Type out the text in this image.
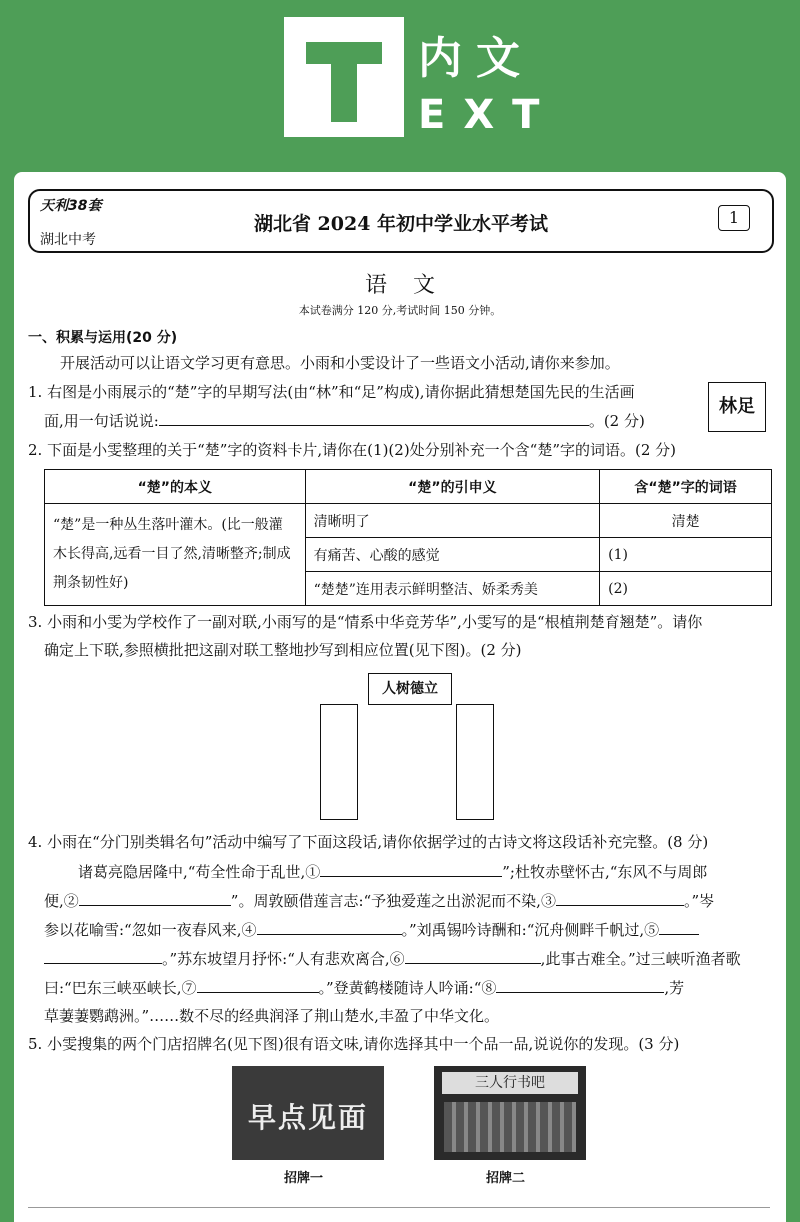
内文
EXT
天利38套
湖北中考
湖北省 2024 年初中学业水平考试	1
语文
本试卷满分 120 分,考试时间 150 分钟。
一、积累与运用(20 分)
开展活动可以让语文学习更有意思。小雨和小雯设计了一些语文小活动,请你来参加。
1. 右图是小雨展示的“楚”字的早期写法(由“林”和“足”构成),请你据此猜想楚国先民的生活画
面,用一句话说说:	。(2 分)
林足
2. 下面是小雯整理的关于“楚”字的资料卡片,请你在(1)(2)处分别补充一个含“楚”字的词语。(2 分)
“楚”的本义	“楚”的引申义	含“楚”字的词语
“楚”是一种丛生落叶灌木。(比一般灌木长得高,远看一目了然,清晰整齐;制成荆条韧性好)	清晰明了	清楚
	有痛苦、心酸的感觉	(1)
	“楚楚”连用表示鲜明整洁、娇柔秀美	(2)
3. 小雨和小雯为学校作了一副对联,小雨写的是“情系中华竞芳华”,小雯写的是“根植荆楚育翘楚”。请你
确定上下联,参照横批把这副对联工整地抄写到相应位置(见下图)。(2 分)
人树德立
4. 小雨在“分门别类辑名句”活动中编写了下面这段话,请你依据学过的古诗文将这段话补充完整。(8 分)
诸葛亮隐居隆中,“苟全性命于乱世,①	”;杜牧赤壁怀古,“东风不与周郎
便,②	”。周敦颐借莲言志:“予独爱莲之出淤泥而不染,③	。”岑
参以花喻雪:“忽如一夜春风来,④	。”刘禹锡吟诗酬和:“沉舟侧畔千帆过,⑤
。”苏东坡望月抒怀:“人有悲欢离合,⑥	,此事古难全。”过三峡听渔者歌
曰:“巴东三峡巫峡长,⑦	。”登黄鹤楼随诗人吟诵:“⑧	,芳
草萋萋鹦鹉洲。”……数不尽的经典润泽了荆山楚水,丰盈了中华文化。
5. 小雯搜集的两个门店招牌名(见下图)很有语文味,请你选择其中一个品一品,说说你的发现。(3 分)
早点见面
三人行书吧
招牌一	招牌二
